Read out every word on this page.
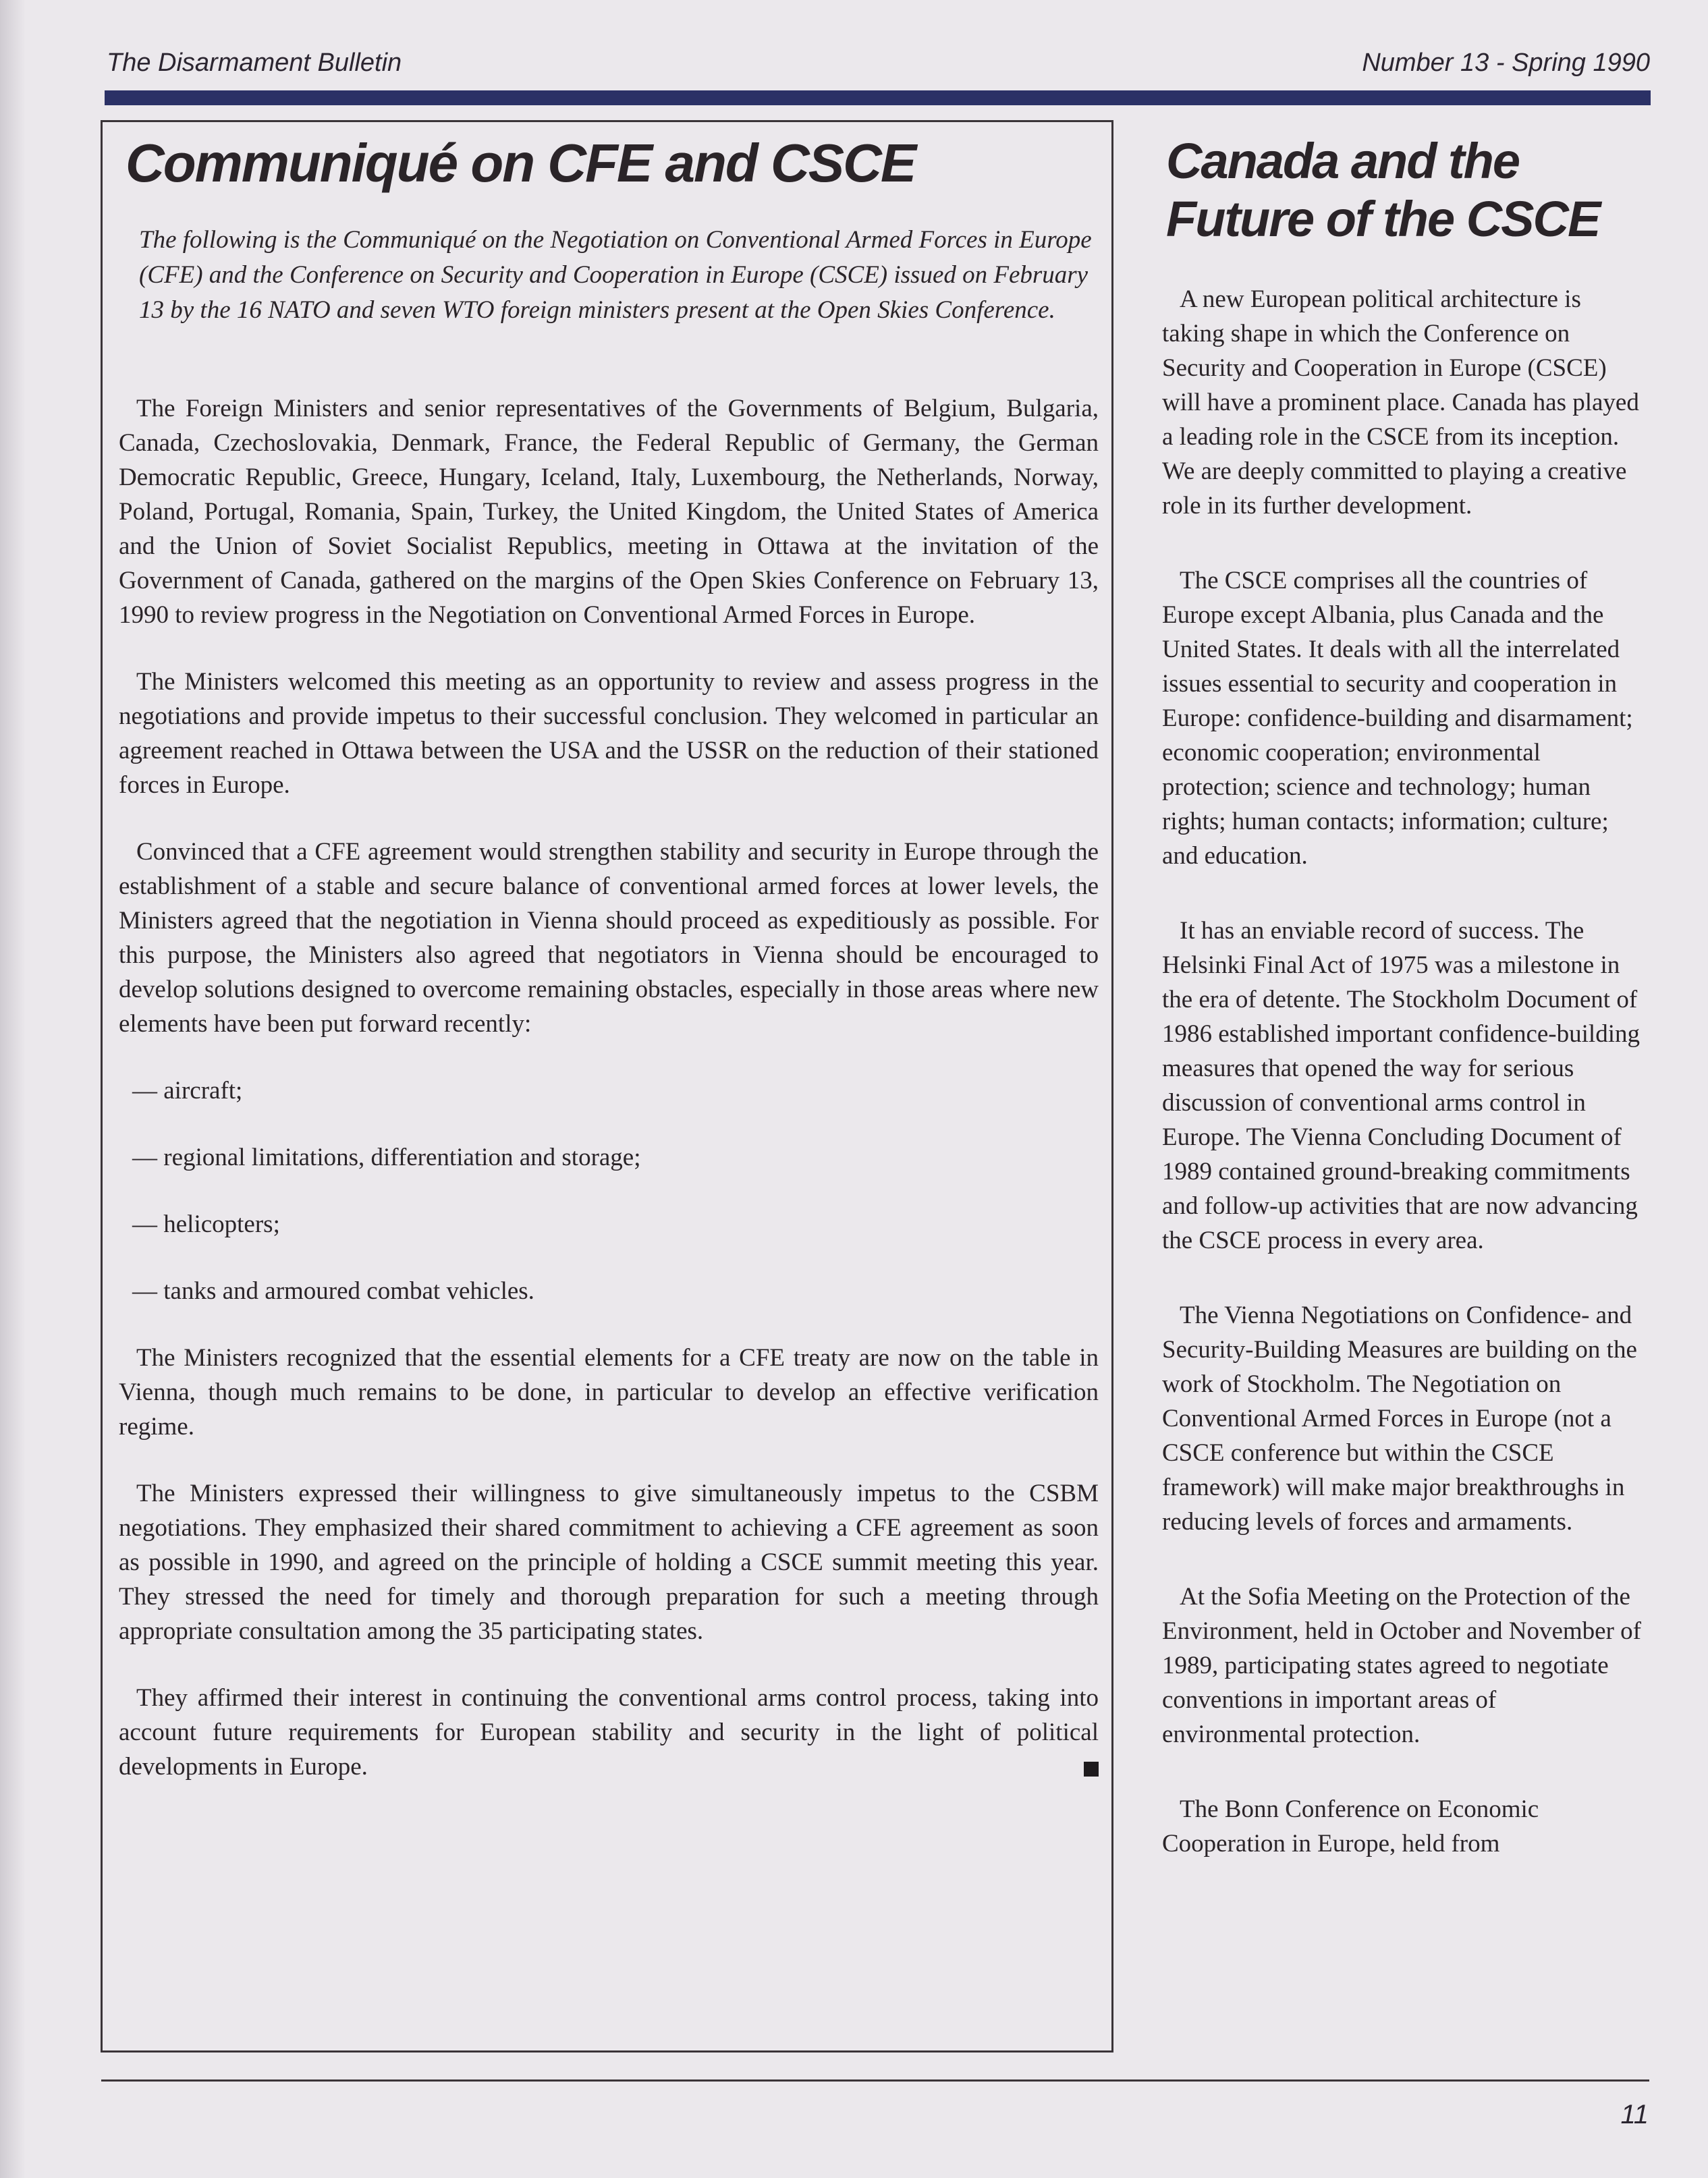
The Disarmament Bulletin	Number 13 - Spring 1990
Communiqué on CFE and CSCE
The following is the Communiqué on the Negotiation on Conventional Armed Forces in Europe (CFE) and the Conference on Security and Cooperation in Europe (CSCE) issued on February 13 by the 16 NATO and seven WTO foreign ministers present at the Open Skies Conference.

The Foreign Ministers and senior representatives of the Governments of Belgium, Bulgaria, Canada, Czechoslovakia, Denmark, France, the Federal Republic of Germany, the German Democratic Republic, Greece, Hungary, Iceland, Italy, Luxembourg, the Netherlands, Norway, Poland, Portugal, Romania, Spain, Turkey, the United Kingdom, the United States of America and the Union of Soviet Socialist Republics, meeting in Ottawa at the invitation of the Government of Canada, gathered on the margins of the Open Skies Conference on February 13, 1990 to review progress in the Negotiation on Conventional Armed Forces in Europe.

The Ministers welcomed this meeting as an opportunity to review and assess progress in the negotiations and provide impetus to their successful conclusion. They welcomed in particular an agreement reached in Ottawa between the USA and the USSR on the reduction of their stationed forces in Europe.

Convinced that a CFE agreement would strengthen stability and security in Europe through the establishment of a stable and secure balance of conventional armed forces at lower levels, the Ministers agreed that the negotiation in Vienna should proceed as expeditiously as possible. For this purpose, the Ministers also agreed that negotiators in Vienna should be encouraged to develop solutions designed to overcome remaining obstacles, especially in those areas where new elements have been put forward recently:

— aircraft;
— regional limitations, differentiation and storage;
— helicopters;
— tanks and armoured combat vehicles.

The Ministers recognized that the essential elements for a CFE treaty are now on the table in Vienna, though much remains to be done, in particular to develop an effective verification regime.

The Ministers expressed their willingness to give simultaneously impetus to the CSBM negotiations. They emphasized their shared commitment to achieving a CFE agreement as soon as possible in 1990, and agreed on the principle of holding a CSCE summit meeting this year. They stressed the need for timely and thorough preparation for such a meeting through appropriate consultation among the 35 participating states.

They affirmed their interest in continuing the conventional arms control process, taking into account future requirements for European stability and security in the light of political developments in Europe.

Canada and the Future of the CSCE

A new European political architecture is taking shape in which the Conference on Security and Cooperation in Europe (CSCE) will have a prominent place. Canada has played a leading role in the CSCE from its inception. We are deeply committed to playing a creative role in its further development.

The CSCE comprises all the countries of Europe except Albania, plus Canada and the United States. It deals with all the interrelated issues essential to security and cooperation in Europe: confidence-building and disarmament; economic cooperation; environmental protection; science and technology; human rights; human contacts; information; culture; and education.

It has an enviable record of success. The Helsinki Final Act of 1975 was a milestone in the era of detente. The Stockholm Document of 1986 established important confidence-building measures that opened the way for serious discussion of conventional arms control in Europe. The Vienna Concluding Document of 1989 contained ground-breaking commitments and follow-up activities that are now advancing the CSCE process in every area.

The Vienna Negotiations on Confidence- and Security-Building Measures are building on the work of Stockholm. The Negotiation on Conventional Armed Forces in Europe (not a CSCE conference but within the CSCE framework) will make major breakthroughs in reducing levels of forces and armaments.

At the Sofia Meeting on the Protection of the Environment, held in October and November of 1989, participating states agreed to negotiate conventions in important areas of environmental protection.

The Bonn Conference on Economic Cooperation in Europe, held from

11
